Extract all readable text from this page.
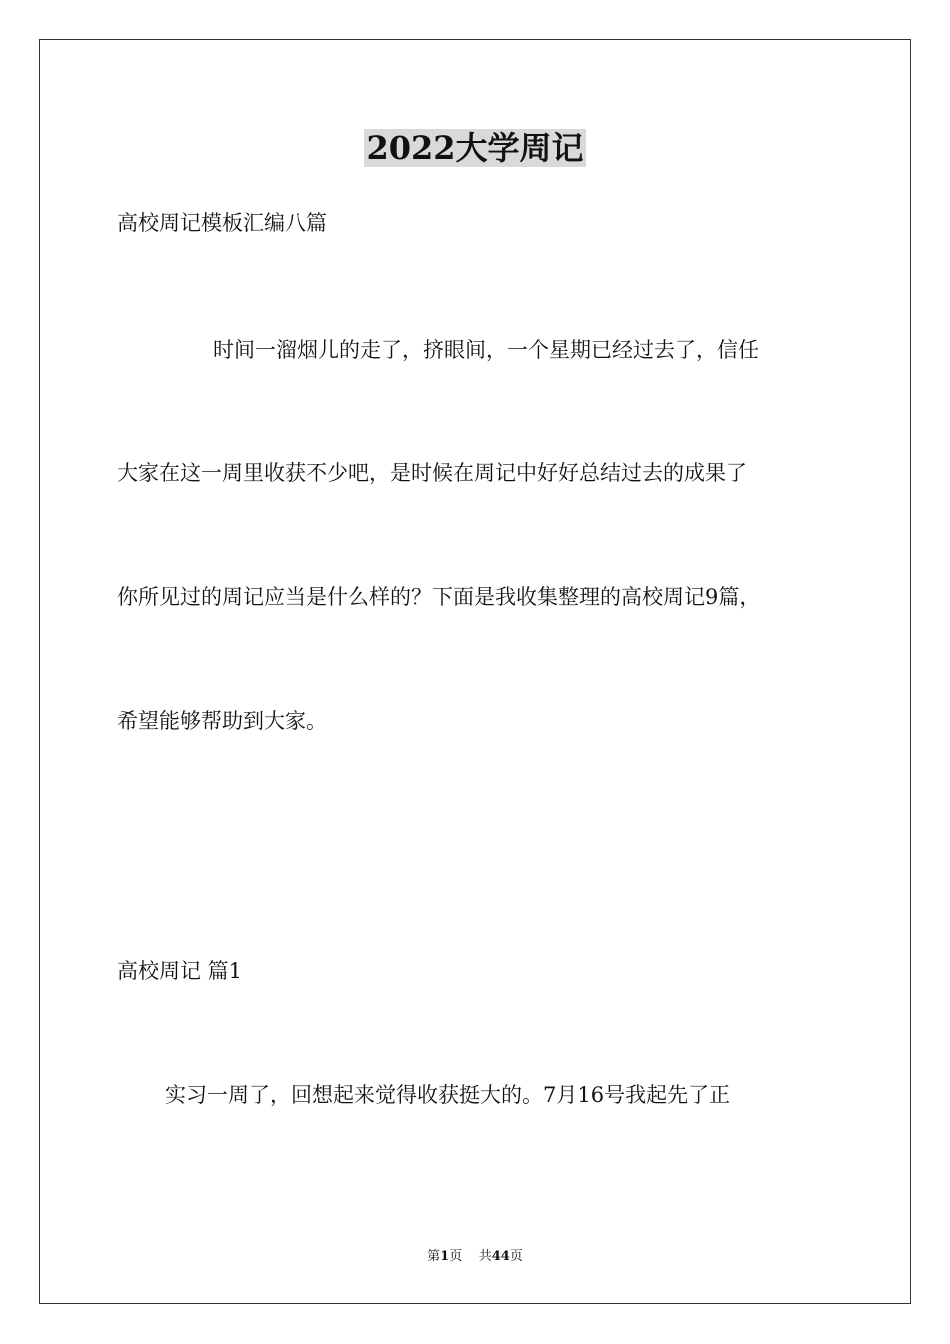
2022大学周记
高校周记模板汇编八篇
时间一溜烟儿的走了，挤眼间，一个星期已经过去了，信任
大家在这一周里收获不少吧，是时候在周记中好好总结过去的成果了
你所见过的周记应当是什么样的？下面是我收集整理的高校周记9篇，
希望能够帮助到大家。
高校周记 篇1
实习一周了，回想起来觉得收获挺大的。7月16号我起先了正
第1页 共44页
